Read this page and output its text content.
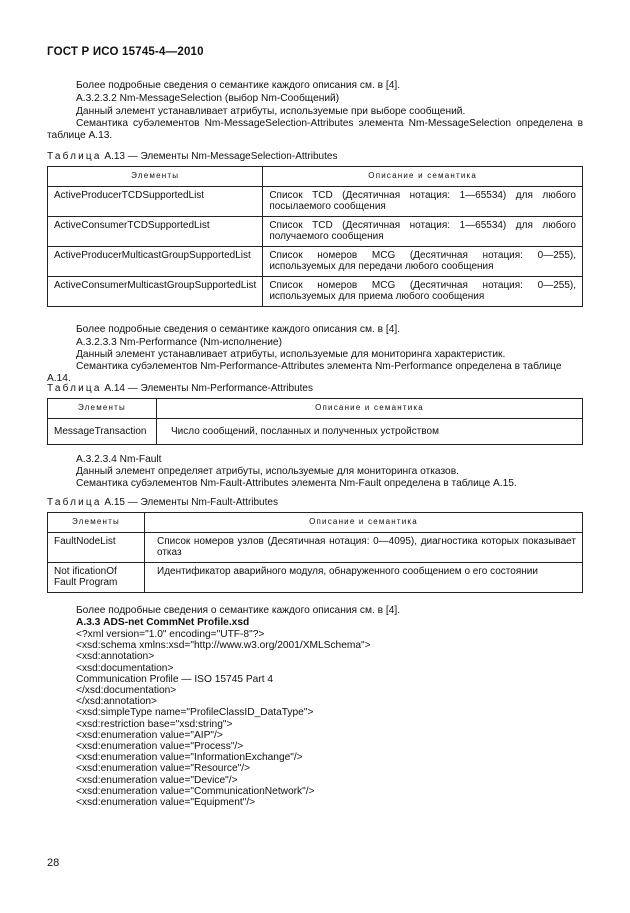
ГОСТ Р ИСО 15745-4—2010
Более подробные сведения о семантике каждого описания см. в [4].
А.3.2.3.2 Nm-MessageSelection (выбор Nm-Сообщений)
Данный элемент устанавливает атрибуты, используемые при выборе сообщений.
Семантика субэлементов Nm-MessageSelection-Attributes элемента Nm-MessageSelection определена в таблице А.13.
Таблица А.13 — Элементы Nm-MessageSelection-Attributes
Элементы	Описание и семантика
ActiveProducerTCDSupportedList	Список TCD (Десятичная нотация: 1—65534) для любого посылаемого сообщения
ActiveConsumerTCDSupportedList	Список TCD (Десятичная нотация: 1—65534) для любого получаемого сообщения
ActiveProducerMulticastGroupSupportedList	Список номеров MCG (Десятичная нотация: 0—255), используемых для передачи любого сообщения
ActiveConsumerMulticastGroupSupportedList	Список номеров MCG (Десятичная нотация: 0—255), используемых для приема любого сообщения
Более подробные сведения о семантике каждого описания см. в [4].
А.3.2.3.3 Nm-Performance (Nm-исполнение)
Данный элемент устанавливает атрибуты, используемые для мониторинга характеристик.
Семантика субэлементов Nm-Performance-Attributes элемента Nm-Performance определена в таблице А.14.
Таблица А.14 — Элементы Nm-Performance-Attributes
Элементы	Описание и семантика
MessageTransaction	Число сообщений, посланных и полученных устройством
А.3.2.3.4 Nm-Fault
Данный элемент определяет атрибуты, используемые для мониторинга отказов.
Семантика субэлементов Nm-Fault-Attributes элемента Nm-Fault определена в таблице А.15.
Таблица А.15 — Элементы Nm-Fault-Attributes
Элементы	Описание и семантика
FaultNodeList	Список номеров узлов (Десятичная нотация: 0—4095), диагностика которых показывает отказ
Not ificationOf Fault Program	Идентификатор аварийного модуля, обнаруженного сообщением о его состоянии
Более подробные сведения о семантике каждого описания см. в [4].
А.3.3 ADS-net CommNet Profile.xsd
<?xml version="1.0" encoding="UTF-8"?>
<xsd:schema xmlns:xsd="http://www.w3.org/2001/XMLSchema">
<xsd:annotation>
<xsd:documentation>
Communication Profile — ISO 15745 Part 4
</xsd:documentation>
</xsd:annotation>
<xsd:simpleType name="ProfileClassID_DataType">
<xsd:restriction base="xsd:string">
<xsd:enumeration value="AIP"/>
<xsd:enumeration value="Process"/>
<xsd:enumeration value="InformationExchange"/>
<xsd:enumeration value="Resource"/>
<xsd:enumeration value="Device"/>
<xsd:enumeration value="CommunicationNetwork"/>
<xsd:enumeration value="Equipment"/>
28
